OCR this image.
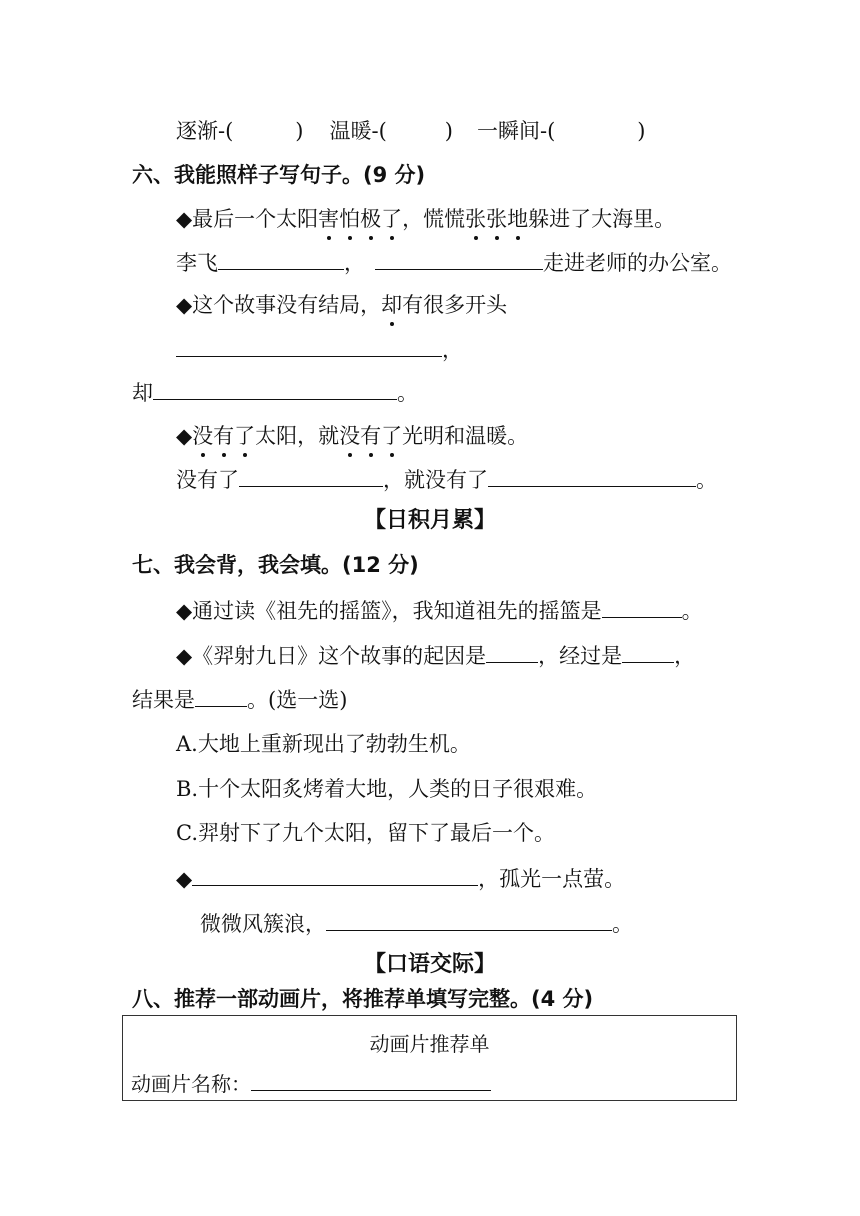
逐渐-(	) 温暖-(	) 一瞬间-(	)
六、我能照样子写句子。(9 分)
◆最后一个太阳害怕极了，慌慌张张地躲进了大海里。
李飞	，	走进老师的办公室。
◆这个故事没有结局，却有很多开头
，
却	。
◆没有了太阳，就没有了光明和温暖。
没有了	，就没有了	。
【日积月累】
七、我会背，我会填。(12 分)
◆通过读《祖先的摇篮》，我知道祖先的摇篮是	。
◆《羿射九日》这个故事的起因是 ，经过是 ，
结果是 。(选一选)
A.大地上重新现出了勃勃生机。
B.十个太阳炙烤着大地，人类的日子很艰难。
C.羿射下了九个太阳，留下了最后一个。
◆	，孤光一点萤。
微微风簇浪，	。
【口语交际】
八、推荐一部动画片，将推荐单填写完整。(4 分)
动画片推荐单
动画片名称：
